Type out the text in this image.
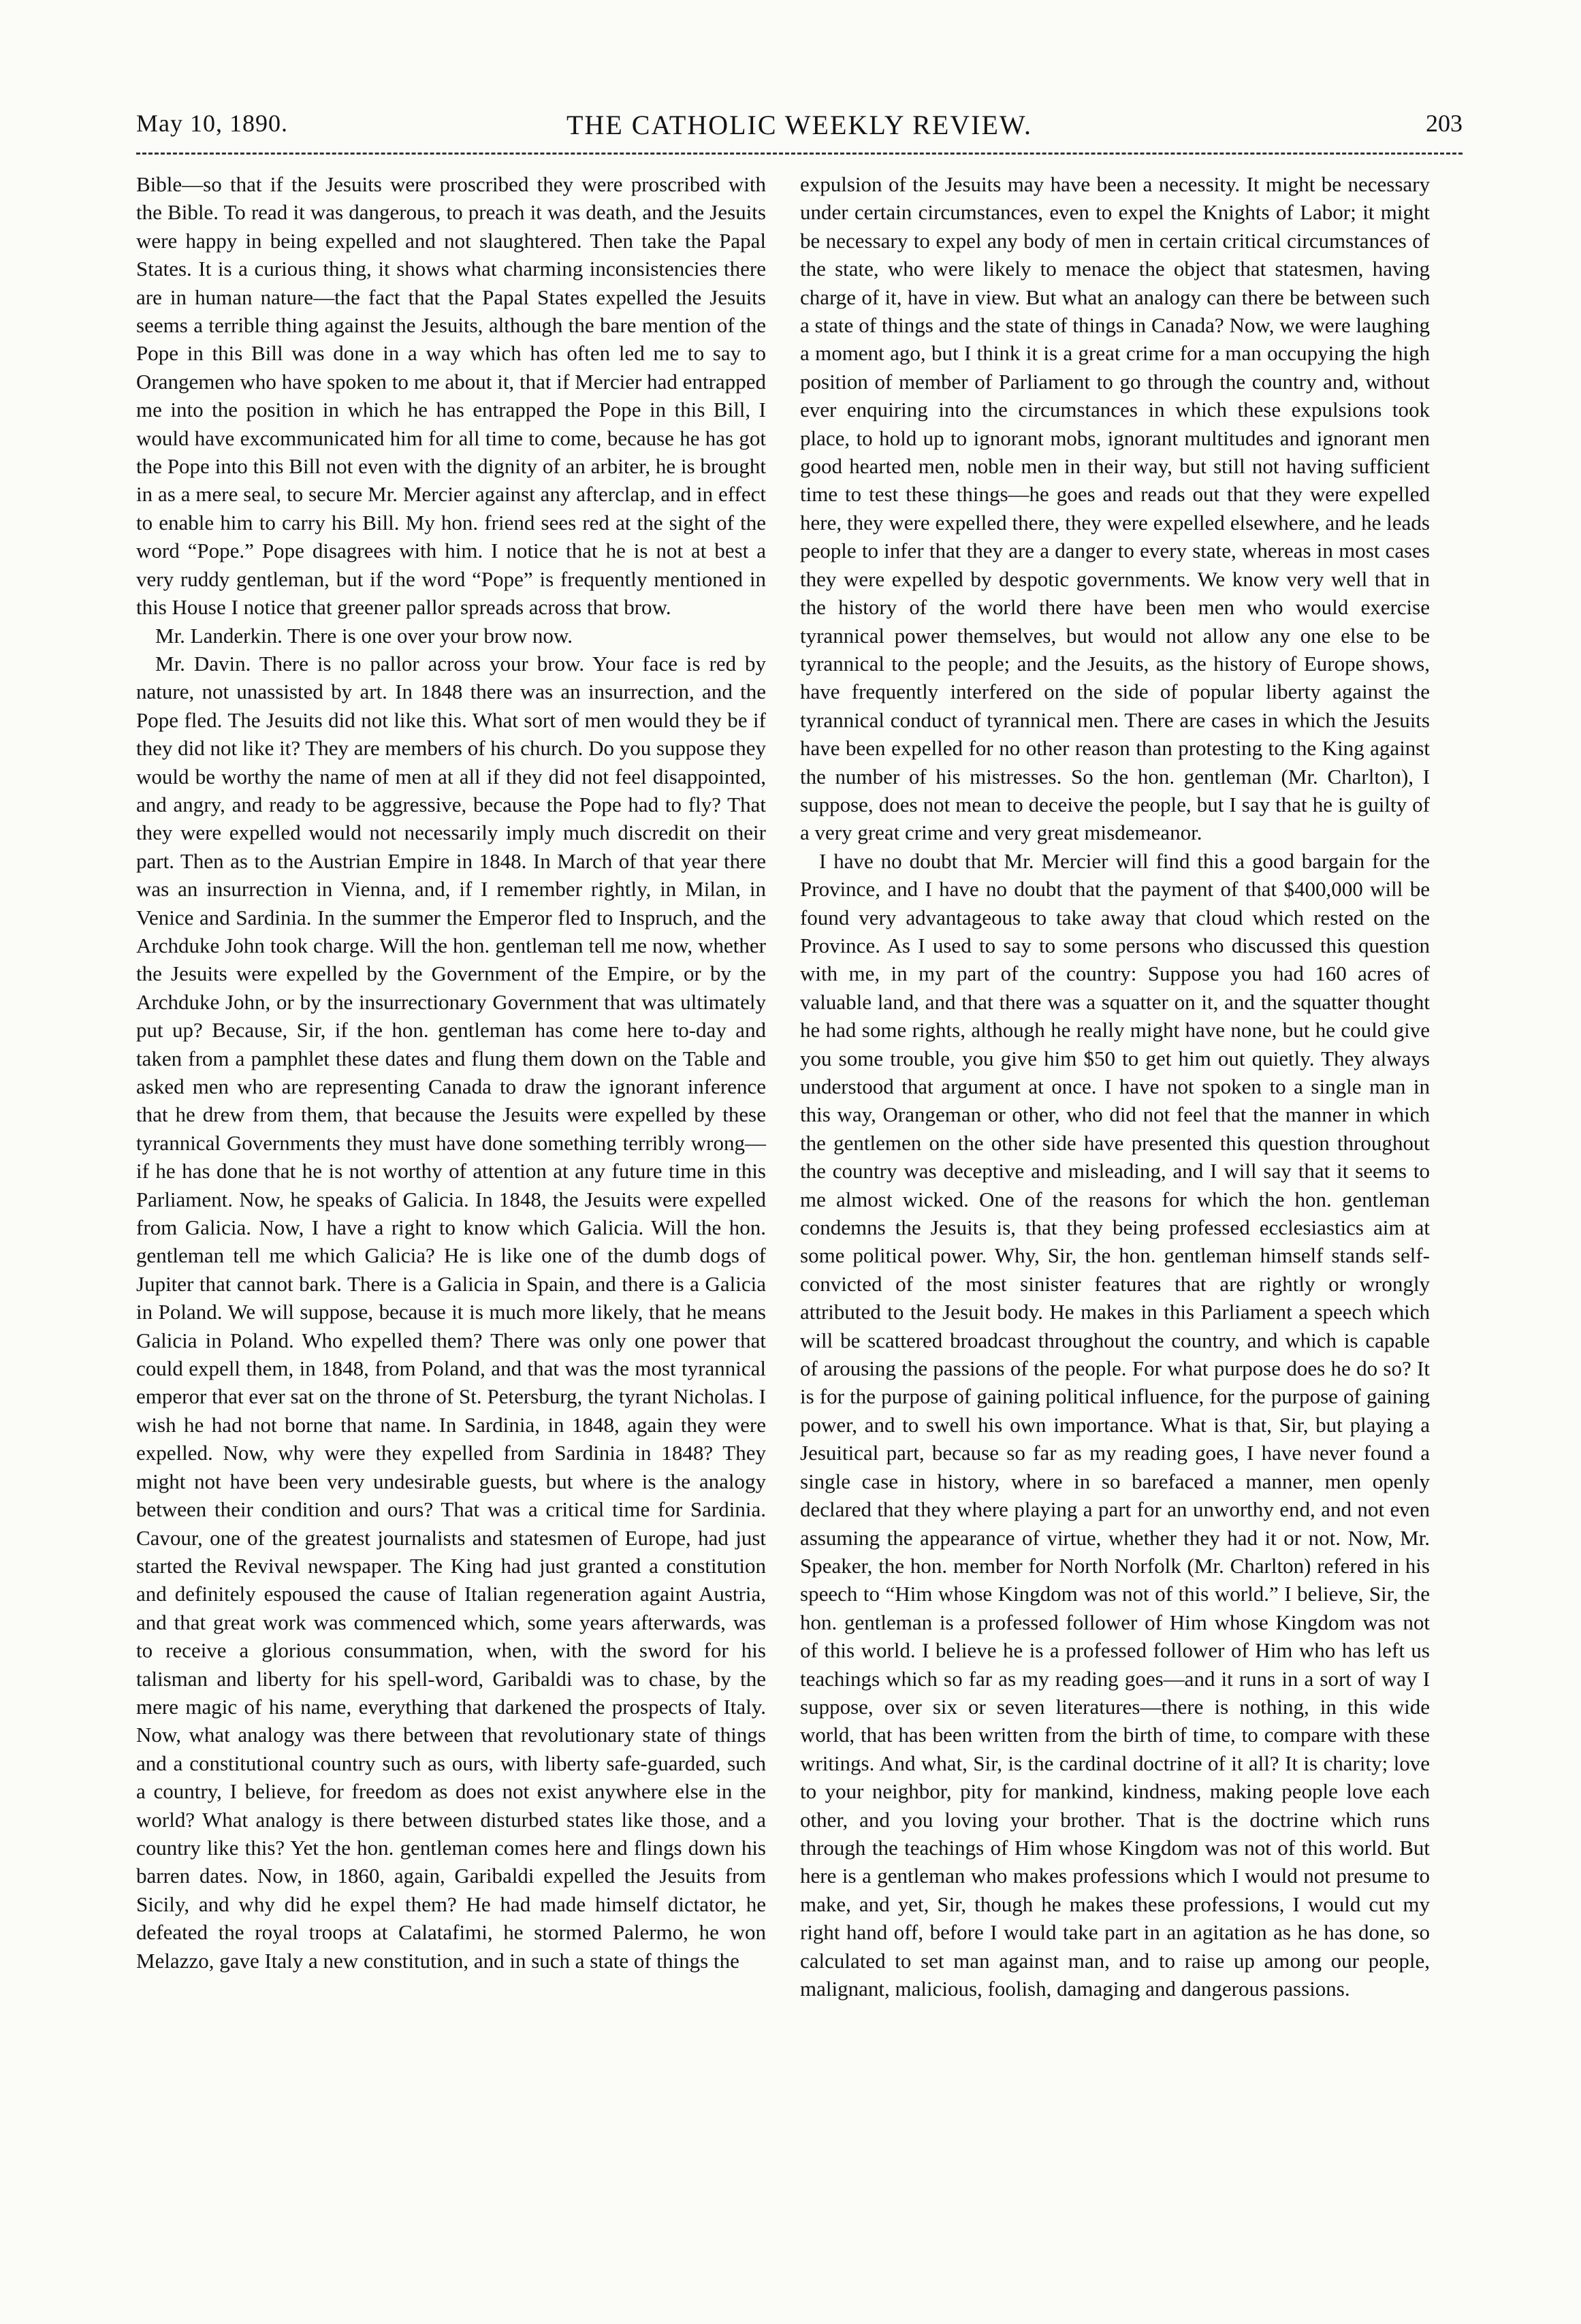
May 10, 1890.	THE CATHOLIC WEEKLY REVIEW.	203

Bible—so that if the Jesuits were proscribed they were proscribed with the Bible. To read it was dangerous, to preach it was death, and the Jesuits were happy in being expelled and not slaughtered. Then take the Papal States. It is a curious thing, it shows what charming inconsistencies there are in human nature—the fact that the Papal States expelled the Jesuits seems a terrible thing against the Jesuits, although the bare mention of the Pope in this Bill was done in a way which has often led me to say to Orangemen who have spoken to me about it, that if Mercier had entrapped me into the position in which he has entrapped the Pope in this Bill, I would have excommunicated him for all time to come, because he has got the Pope into this Bill not even with the dignity of an arbiter, he is brought in as a mere seal, to secure Mr. Mercier against any afterclap, and in effect to enable him to carry his Bill. My hon. friend sees red at the sight of the word “Pope.” Pope disagrees with him. I notice that he is not at best a very ruddy gentleman, but if the word “Pope” is frequently mentioned in this House I notice that greener pallor spreads across that brow.

Mr. Landerkin. There is one over your brow now.

Mr. Davin. There is no pallor across your brow. Your face is red by nature, not unassisted by art. In 1848 there was an insurrection, and the Pope fled. The Jesuits did not like this. What sort of men would they be if they did not like it? They are members of his church. Do you suppose they would be worthy the name of men at all if they did not feel disappointed, and angry, and ready to be aggressive, because the Pope had to fly? That they were expelled would not necessarily imply much discredit on their part. Then as to the Austrian Empire in 1848. In March of that year there was an insurrection in Vienna, and, if I remember rightly, in Milan, in Venice and Sardinia. In the summer the Emperor fled to Inspruch, and the Archduke John took charge. Will the hon. gentleman tell me now, whether the Jesuits were expelled by the Government of the Empire, or by the Archduke John, or by the insurrectionary Government that was ultimately put up? Because, Sir, if the hon. gentleman has come here to-day and taken from a pamphlet these dates and flung them down on the Table and asked men who are representing Canada to draw the ignorant inference that he drew from them, that because the Jesuits were expelled by these tyrannical Governments they must have done something terribly wrong—if he has done that he is not worthy of attention at any future time in this Parliament. Now, he speaks of Galicia. In 1848, the Jesuits were expelled from Galicia. Now, I have a right to know which Galicia. Will the hon. gentleman tell me which Galicia? He is like one of the dumb dogs of Jupiter that cannot bark. There is a Galicia in Spain, and there is a Galicia in Poland. We will suppose, because it is much more likely, that he means Galicia in Poland. Who expelled them? There was only one power that could expell them, in 1848, from Poland, and that was the most tyrannical emperor that ever sat on the throne of St. Petersburg, the tyrant Nicholas. I wish he had not borne that name. In Sardinia, in 1848, again they were expelled. Now, why were they expelled from Sardinia in 1848? They might not have been very undesirable guests, but where is the analogy between their condition and ours? That was a critical time for Sardinia. Cavour, one of the greatest journalists and statesmen of Europe, had just started the Revival newspaper. The King had just granted a constitution and definitely espoused the cause of Italian regeneration againt Austria, and that great work was commenced which, some years afterwards, was to receive a glorious consummation, when, with the sword for his talisman and liberty for his spell-word, Garibaldi was to chase, by the mere magic of his name, everything that darkened the prospects of Italy. Now, what analogy was there between that revolutionary state of things and a constitutional country such as ours, with liberty safe-guarded, such a country, I believe, for freedom as does not exist anywhere else in the world? What analogy is there between disturbed states like those, and a country like this? Yet the hon. gentleman comes here and flings down his barren dates. Now, in 1860, again, Garibaldi expelled the Jesuits from Sicily, and why did he expel them? He had made himself dictator, he defeated the royal troops at Calatafimi, he stormed Palermo, he won Melazzo, gave Italy a new constitution, and in such a state of things the

expulsion of the Jesuits may have been a necessity. It might be necessary under certain circumstances, even to expel the Knights of Labor; it might be necessary to expel any body of men in certain critical circumstances of the state, who were likely to menace the object that statesmen, having charge of it, have in view. But what an analogy can there be between such a state of things and the state of things in Canada? Now, we were laughing a moment ago, but I think it is a great crime for a man occupying the high position of member of Parliament to go through the country and, without ever enquiring into the circumstances in which these expulsions took place, to hold up to ignorant mobs, ignorant multitudes and ignorant men good hearted men, noble men in their way, but still not having sufficient time to test these things—he goes and reads out that they were expelled here, they were expelled there, they were expelled elsewhere, and he leads people to infer that they are a danger to every state, whereas in most cases they were expelled by despotic governments. We know very well that in the history of the world there have been men who would exercise tyrannical power themselves, but would not allow any one else to be tyrannical to the people; and the Jesuits, as the history of Europe shows, have frequently interfered on the side of popular liberty against the tyrannical conduct of tyrannical men. There are cases in which the Jesuits have been expelled for no other reason than protesting to the King against the number of his mistresses. So the hon. gentleman (Mr. Charlton), I suppose, does not mean to deceive the people, but I say that he is guilty of a very great crime and very great misdemeanor.

I have no doubt that Mr. Mercier will find this a good bargain for the Province, and I have no doubt that the payment of that $400,000 will be found very advantageous to take away that cloud which rested on the Province. As I used to say to some persons who discussed this question with me, in my part of the country: Suppose you had 160 acres of valuable land, and that there was a squatter on it, and the squatter thought he had some rights, although he really might have none, but he could give you some trouble, you give him $50 to get him out quietly. They always understood that argument at once. I have not spoken to a single man in this way, Orangeman or other, who did not feel that the manner in which the gentlemen on the other side have presented this question throughout the country was deceptive and misleading, and I will say that it seems to me almost wicked. One of the reasons for which the hon. gentleman condemns the Jesuits is, that they being professed ecclesiastics aim at some political power. Why, Sir, the hon. gentleman himself stands self-convicted of the most sinister features that are rightly or wrongly attributed to the Jesuit body. He makes in this Parliament a speech which will be scattered broadcast throughout the country, and which is capable of arousing the passions of the people. For what purpose does he do so? It is for the purpose of gaining political influence, for the purpose of gaining power, and to swell his own importance. What is that, Sir, but playing a Jesuitical part, because so far as my reading goes, I have never found a single case in history, where in so barefaced a manner, men openly declared that they where playing a part for an unworthy end, and not even assuming the appearance of virtue, whether they had it or not. Now, Mr. Speaker, the hon. member for North Norfolk (Mr. Charlton) refered in his speech to “Him whose Kingdom was not of this world.” I believe, Sir, the hon. gentleman is a professed follower of Him whose Kingdom was not of this world. I believe he is a professed follower of Him who has left us teachings which so far as my reading goes—and it runs in a sort of way I suppose, over six or seven literatures—there is nothing, in this wide world, that has been written from the birth of time, to compare with these writings. And what, Sir, is the cardinal doctrine of it all? It is charity; love to your neighbor, pity for mankind, kindness, making people love each other, and you loving your brother. That is the doctrine which runs through the teachings of Him whose Kingdom was not of this world. But here is a gentleman who makes professions which I would not presume to make, and yet, Sir, though he makes these professions, I would cut my right hand off, before I would take part in an agitation as he has done, so calculated to set man against man, and to raise up among our people, malignant, malicious, foolish, damaging and dangerous passions.
